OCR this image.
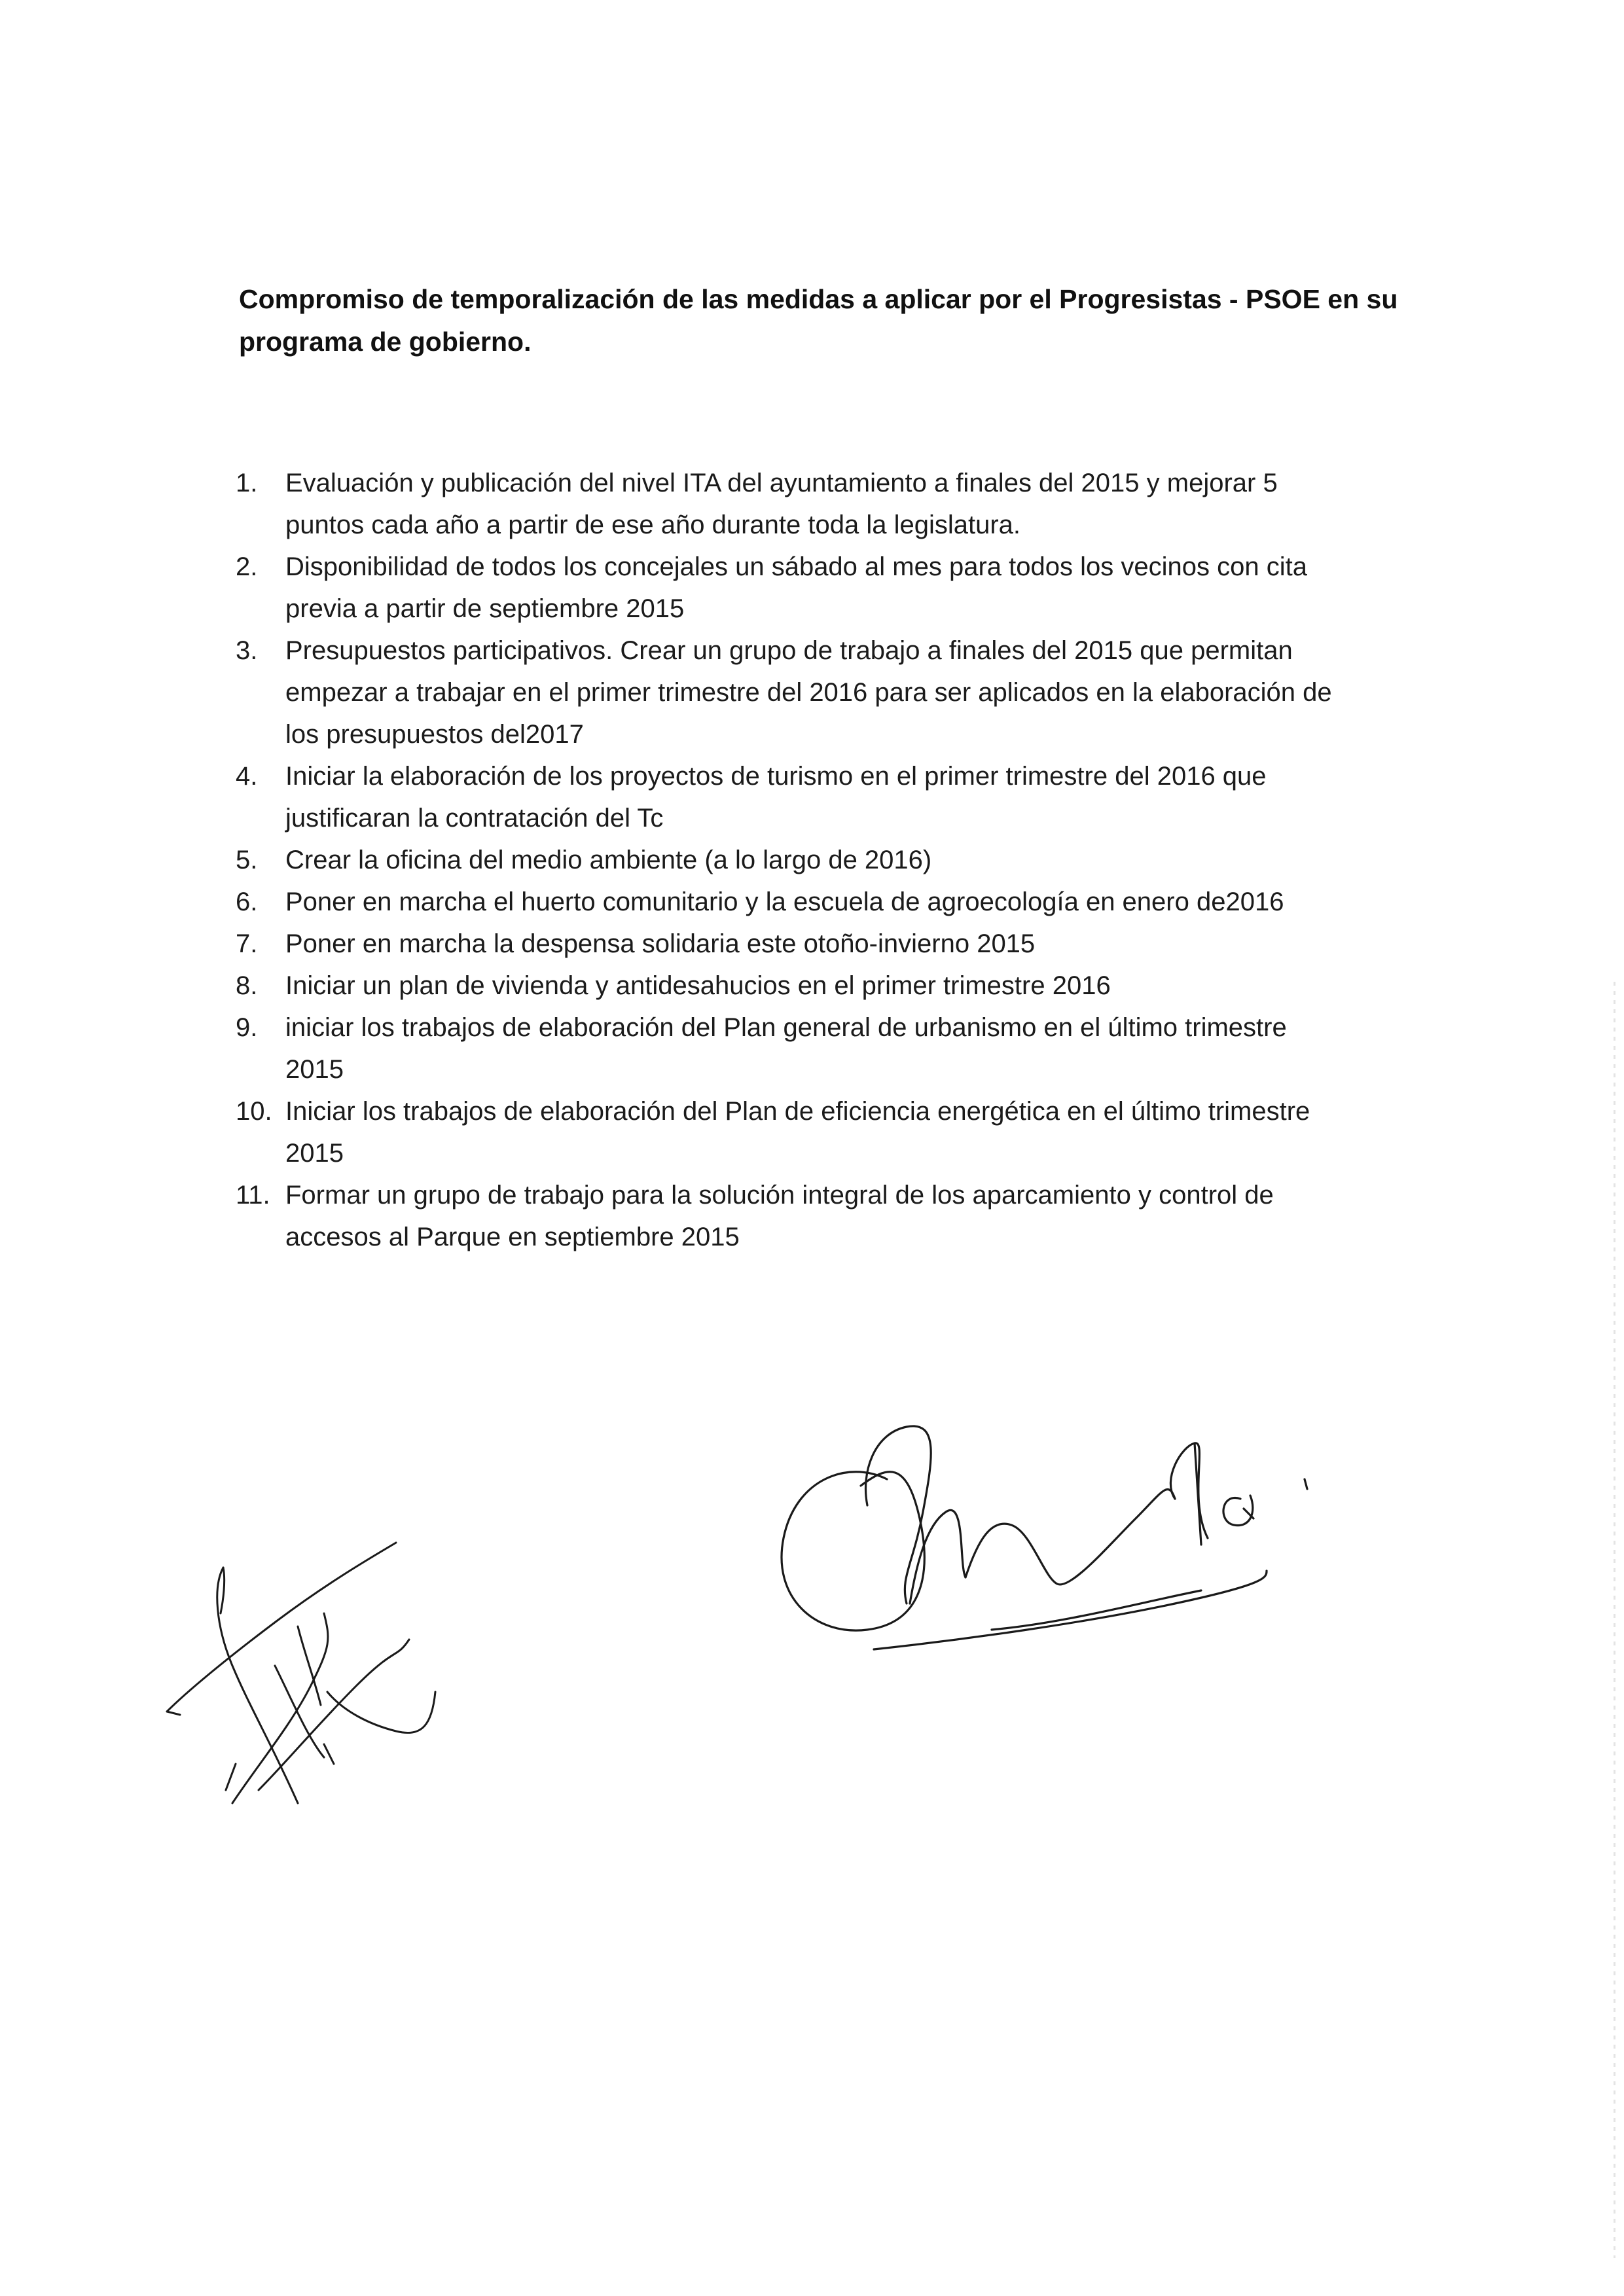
Compromiso de temporalización de las medidas a aplicar por el Progresistas - PSOE en su
programa de gobierno.
1.	Evaluación y publicación del nivel ITA del ayuntamiento a finales del 2015 y mejorar 5
puntos cada año a partir de ese año durante toda la legislatura.
2.	Disponibilidad de todos los concejales un sábado al mes para todos los vecinos con cita
previa a partir de septiembre 2015
3.	Presupuestos participativos. Crear un grupo de trabajo a finales del 2015 que permitan
empezar a trabajar en el primer trimestre del 2016 para ser aplicados en la elaboración de
los presupuestos del2017
4.	Iniciar la elaboración de los proyectos de turismo en el primer trimestre del 2016 que
justificaran la contratación del Tc
5.	Crear la oficina del medio ambiente (a lo largo de 2016)
6.	Poner en marcha el huerto comunitario y la escuela de agroecología en enero de2016
7.	Poner en marcha la despensa solidaria este otoño-invierno 2015
8.	Iniciar un plan de vivienda y antidesahucios en el primer trimestre 2016
9.	iniciar los trabajos de elaboración del Plan general de urbanismo en el último trimestre
2015
10. Iniciar los trabajos de elaboración del Plan de eficiencia energética en el último trimestre
2015
11. Formar un grupo de trabajo para la solución integral de los aparcamiento y control de
accesos al Parque en septiembre 2015
